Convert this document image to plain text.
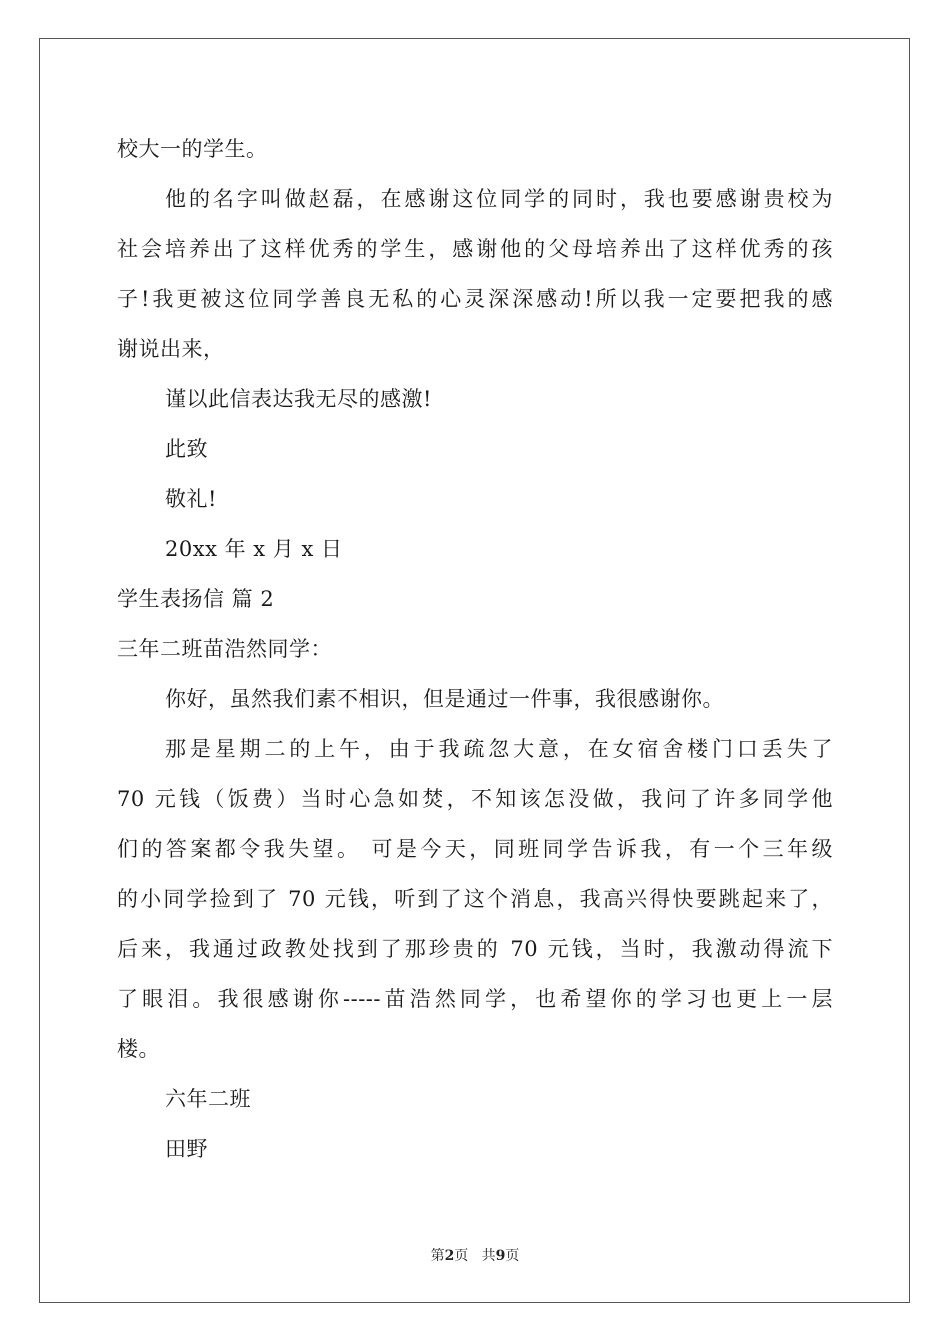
校大一的学生。
他的名字叫做赵磊，在感谢这位同学的同时，我也要感谢贵校为
社会培养出了这样优秀的学生，感谢他的父母培养出了这样优秀的孩
子!我更被这位同学善良无私的心灵深深感动!所以我一定要把我的感
谢说出来，
谨以此信表达我无尽的感激!
此致
敬礼!
20xx 年 x 月 x 日
学生表扬信 篇 2
三年二班苗浩然同学：
你好，虽然我们素不相识，但是通过一件事，我很感谢你。
那是星期二的上午，由于我疏忽大意，在女宿舍楼门口丢失了
70 元钱（饭费）当时心急如焚，不知该怎没做，我问了许多同学他
们的答案都令我失望。 可是今天，同班同学告诉我，有一个三年级
的小同学捡到了 70 元钱，听到了这个消息，我高兴得快要跳起来了，
后来，我通过政教处找到了那珍贵的 70 元钱，当时，我激动得流下
了眼泪。我很感谢你-----苗浩然同学，也希望你的学习也更上一层
楼。
六年二班
田野
第2页 共9页
